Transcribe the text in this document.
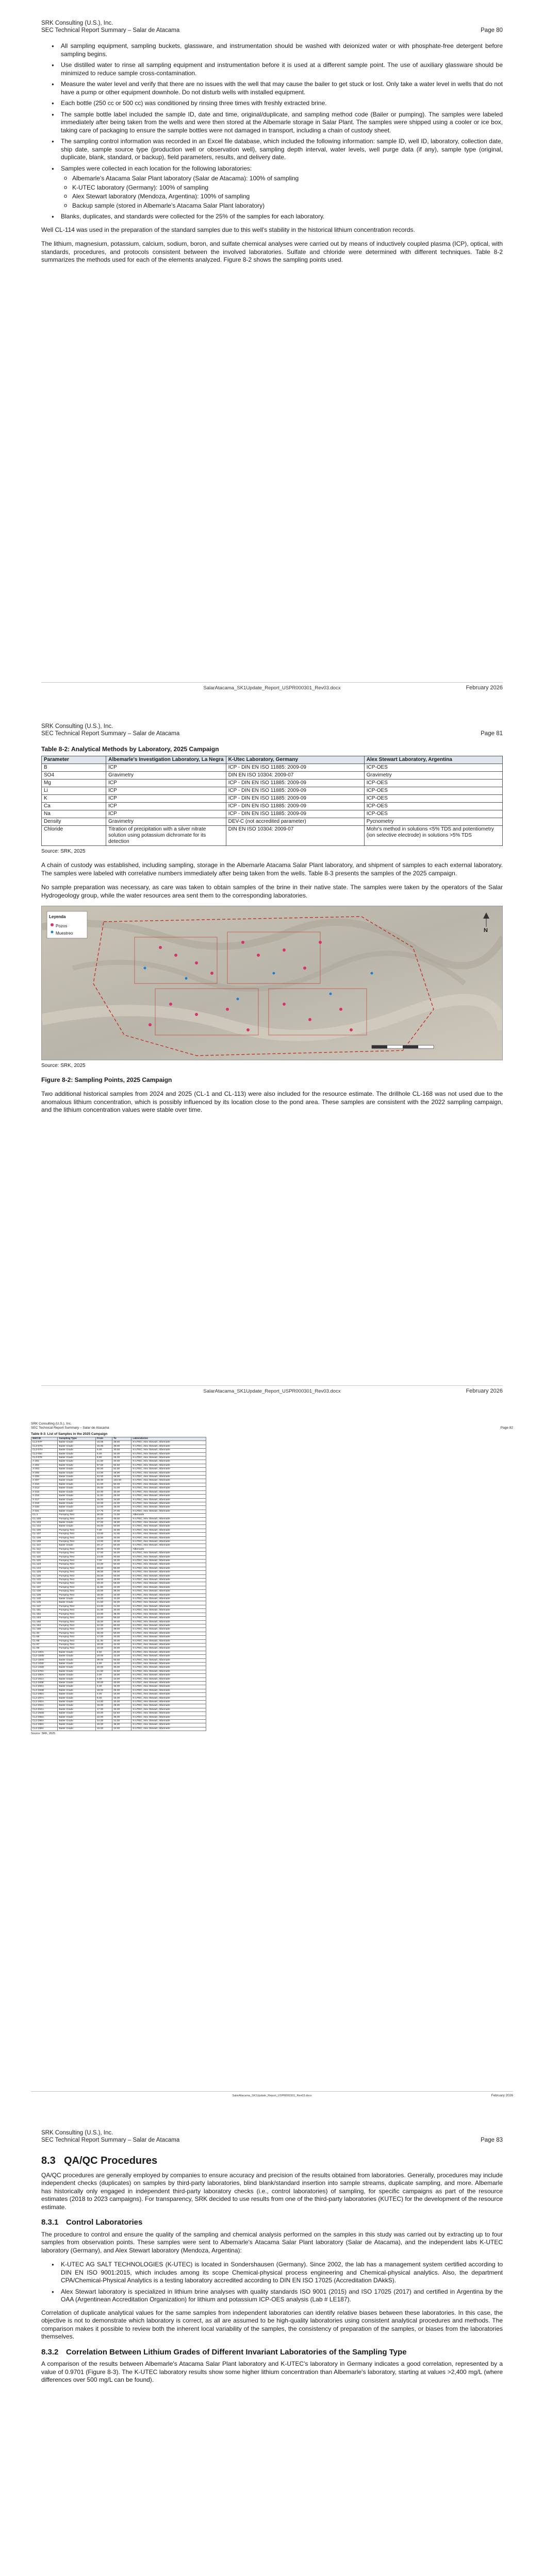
SRK Consulting (U.S.), Inc.
SEC Technical Report Summary – Salar de Atacama	Page 80
● All sampling equipment, sampling buckets, glassware, and instrumentation should be washed with deionized water or with phosphate-free detergent before sampling begins.
● Use distilled water to rinse all sampling equipment and instrumentation before it is used at a different sample point. The use of auxiliary glassware should be minimized to reduce sample cross-contamination.
● Measure the water level and verify that there are no issues with the well that may cause the bailer to get stuck or lost. Only take a water level in wells that do not have a pump or other equipment downhole. Do not disturb wells with installed equipment.
● Each bottle (250 cc or 500 cc) was conditioned by rinsing three times with freshly extracted brine.
● The sample bottle label included the sample ID, date and time, original/duplicate, and sampling method code (Bailer or pumping). The samples were labeled immediately after being taken from the wells and were then stored at the Albemarle storage in Salar Plant. The samples were shipped using a cooler or ice box, taking care of packaging to ensure the sample bottles were not damaged in transport, including a chain of custody sheet.
● The sampling control information was recorded in an Excel file database, which included the following information: sample ID, well ID, laboratory, collection date, ship date, sample source type (production well or observation well), sampling depth interval, water levels, well purge data (if any), sample type (original, duplicate, blank, standard, or backup), field parameters, results, and delivery date.
● Samples were collected in each location for the following laboratories:
o Albemarle's Atacama Salar Plant laboratory (Salar de Atacama): 100% of sampling
o K-UTEC laboratory (Germany): 100% of sampling
o Alex Stewart laboratory (Mendoza, Argentina): 100% of sampling
o Backup sample (stored in Albemarle's Atacama Salar Plant laboratory)
● Blanks, duplicates, and standards were collected for the 25% of the samples for each laboratory.

Well CL-114 was used in the preparation of the standard samples due to this well's stability in the historical lithium concentration records.

The lithium, magnesium, potassium, calcium, sodium, boron, and sulfate chemical analyses were carried out by means of inductively coupled plasma (ICP), optical, with standards, procedures, and protocols consistent between the involved laboratories. Sulfate and chloride were determined with different techniques. Table 8-2 summarizes the methods used for each of the elements analyzed. Figure 8-2 shows the sampling points used.

SalarAtacama_SK1Update_Report_USPR000301_Rev03.docx	February 2026
SRK Consulting (U.S.), Inc.
SEC Technical Report Summary – Salar de Atacama	Page 81
Table 8-2: Analytical Methods by Laboratory, 2025 Campaign
Parameter	Albemarle's Investigation Laboratory, La Negra	K-Utec Laboratory, Germany	Alex Stewart Laboratory, Argentina
B	ICP	ICP - DIN EN ISO 11885: 2009-09	ICP-OES
SO4	Gravimetry	DIN EN ISO 10304: 2009-07	Gravimetry
Mg	ICP	ICP - DIN EN ISO 11885: 2009-09	ICP-OES
Li	ICP	ICP - DIN EN ISO 11885: 2009-09	ICP-OES
K	ICP	ICP - DIN EN ISO 11885: 2009-09	ICP-OES
Ca	ICP	ICP - DIN EN ISO 11885: 2009-09	ICP-OES
Na	ICP	ICP - DIN EN ISO 11885: 2009-09	ICP-OES
Density	Gravimetry	DEV-C (not accredited parameter)	Pycnometry
Chloride	Titration of precipitation with a silver nitrate solution using potassium dichromate for its detection	DIN EN ISO 10304: 2009-07	Mohr's method in solutions <5% TDS and potentiometry (ion selective electrode) in solutions >5% TDS
Source: SRK, 2025

A chain of custody was established, including sampling, storage in the Albemarle Atacama Salar Plant laboratory, and shipment of samples to each external laboratory. The samples were labeled with correlative numbers immediately after being taken from the wells. Table 8-3 presents the samples of the 2025 campaign.

No sample preparation was necessary, as care was taken to obtain samples of the brine in their native state. The samples were taken by the operators of the Salar Hydrogeology group, while the water resources area sent them to the corresponding laboratories.

Leyenda
Pozos
Muestreo	N
Source: SRK, 2025
Figure 8-2: Sampling Points, 2025 Campaign

Two additional historical samples from 2024 and 2025 (CL-1 and CL-113) were also included for the resource estimate. The drillhole CL-168 was not used due to the anomalous lithium concentration, which is possibly influenced by its location close to the pond area. These samples are consistent with the 2022 sampling campaign, and the lithium concentration values were stable over time.

SalarAtacama_SK1Update_Report_USPR000301_Rev03.docx	February 2026
SRK Consulting (U.S.), Inc.
SEC Technical Report Summary – Salar de Atacama	Page 82
Table 8-3: List of Samples in the 2025 Campaign
Well ID	Sampling Type	From	To	Laboratories
CL3-07F	Bailer Grade	15.05	36.00	K-UTEC, Alex Stewart, Albemarle
CL3-07G	Bailer Grade	15.65	36.00	K-UTEC, Alex Stewart, Albemarle
CL3-07H	Bailer Grade	5.00	30.00	K-UTEC, Alex Stewart, Albemarle
CL3-05C	Bailer Grade	5.00	34.00	K-UTEC, Alex Stewart, Albemarle
CL3-07E	Bailer Grade	5.80	28.00	K-UTEC, Alex Stewart, Albemarle
A-301	Bailer Grade	21.50	40.00	K-UTEC, Alex Stewart, Albemarle
A-302	Bailer Grade	57.50	62.50	K-UTEC, Alex Stewart, Albemarle
A-303	Bailer Grade	50.00	52.00	K-UTEC, Alex Stewart, Albemarle
A-305	Bailer Grade	44.00	48.00	K-UTEC, Alex Stewart, Albemarle
A-306	Bailer Grade	42.00	46.00	K-UTEC, Alex Stewart, Albemarle
A-307	Bailer Grade	36.00	104.00	K-UTEC, Alex Stewart, Albemarle
A-310	Bailer Grade	41.00	50.00	K-UTEC, Alex Stewart, Albemarle
A-313	Bailer Grade	26.00	41.00	K-UTEC, Alex Stewart, Albemarle
A-315	Bailer Grade	22.00	33.00	K-UTEC, Alex Stewart, Albemarle
A-316	Bailer Grade	11.00	25.00	K-UTEC, Alex Stewart, Albemarle
A-317	Bailer Grade	15.00	34.00	K-UTEC, Alex Stewart, Albemarle
A-318	Bailer Grade	22.00	42.00	K-UTEC, Alex Stewart, Albemarle
A-320	Bailer Grade	12.00	45.00	K-UTEC, Alex Stewart, Albemarle
A-321	Bailer Grade	17.75	27.00	K-UTEC, Alex Stewart, Albemarle
CL-1	Pumping Test	30.00	71.00	Albemarle
CL-100	Pumping Test	25.00	45.00	K-UTEC, Alex Stewart, Albemarle
CL-103	Bailer Grade	37.00	48.00	K-UTEC, Alex Stewart, Albemarle
CL-104	Bailer Grade	26.00	50.00	K-UTEC, Alex Stewart, Albemarle
CL-106	Pumping Test	7.00	32.00	K-UTEC, Alex Stewart, Albemarle
CL-107	Pumping Test	13.00	41.00	K-UTEC, Alex Stewart, Albemarle
CL-108	Pumping Test	12.00	40.00	K-UTEC, Alex Stewart, Albemarle
CL-109	Pumping Test	13.00	40.00	K-UTEC, Alex Stewart, Albemarle
CL-110	Bailer Grade	20.17	50.00	K-UTEC, Alex Stewart, Albemarle
CL-113	Pumping Test	30.00	72.00	Albemarle
CL-114	Pumping Test	17.00	34.00	K-UTEC, Alex Stewart, Albemarle
CL-118	Pumping Test	24.00	40.00	K-UTEC, Alex Stewart, Albemarle
CL-120	Pumping Test	7.00	32.00	K-UTEC, Alex Stewart, Albemarle
CL-123	Pumping Test	34.00	50.00	K-UTEC, Alex Stewart, Albemarle
CL-124	Pumping Test	48.00	65.00	K-UTEC, Alex Stewart, Albemarle
CL-128	Pumping Test	38.00	59.00	K-UTEC, Alex Stewart, Albemarle
CL-130	Pumping Test	26.00	50.00	K-UTEC, Alex Stewart, Albemarle
CL-132	Pumping Test	18.00	40.00	K-UTEC, Alex Stewart, Albemarle
CL-133	Pumping Test	29.40	58.00	K-UTEC, Alex Stewart, Albemarle
CL-137	Pumping Test	11.68	44.00	K-UTEC, Alex Stewart, Albemarle
CL-138	Pumping Test	15.00	36.00	K-UTEC, Alex Stewart, Albemarle
CL-139	Pumping Test	18.00	44.00	K-UTEC, Alex Stewart, Albemarle
CL-140	Bailer Grade	19.00	42.00	K-UTEC, Alex Stewart, Albemarle
CL-145	Bailer Grade	21.50	32.00	K-UTEC, Alex Stewart, Albemarle
CL-147	Pumping Test	24.00	41.00	K-UTEC, Alex Stewart, Albemarle
CL-151	Pumping Test	31.00	40.00	K-UTEC, Alex Stewart, Albemarle
CL-152	Pumping Test	23.00	38.00	K-UTEC, Alex Stewart, Albemarle
CL-153	Pumping Test	22.00	56.00	K-UTEC, Alex Stewart, Albemarle
CL-160	Pumping Test	15.00	30.00	K-UTEC, Alex Stewart, Albemarle
CL-164	Pumping Test	42.00	80.00	K-UTEC, Alex Stewart, Albemarle
CL-168	Pumping Test	12.00	39.00	K-UTEC, Alex Stewart, Albemarle
CL-40	Pumping Test	35.00	50.00	K-UTEC, Alex Stewart, Albemarle
CL-59	Pumping Test	17.00	40.00	K-UTEC, Alex Stewart, Albemarle
CL-88	Pumping Test	11.30	40.00	K-UTEC, Alex Stewart, Albemarle
CL-97	Pumping Test	18.00	42.00	K-UTEC, Alex Stewart, Albemarle
CL-98	Pumping Test	10.00	40.00	K-UTEC, Alex Stewart, Albemarle
CL2-100A	Bailer Grade	4.50	20.00	K-UTEC, Alex Stewart, Albemarle
CL2-100D	Bailer Grade	29.00	43.00	K-UTEC, Alex Stewart, Albemarle
CL2-100G	Bailer Grade	39.00	50.00	K-UTEC, Alex Stewart, Albemarle
CL2-102E	Bailer Grade	4.80	15.00	K-UTEC, Alex Stewart, Albemarle
CL2-102D	Bailer Grade	20.00	35.00	K-UTEC, Alex Stewart, Albemarle
CL2-278A	Bailer Grade	21.50	31.50	K-UTEC, Alex Stewart, Albemarle
CL2-280A	Bailer Grade	3.00	15.00	K-UTEC, Alex Stewart, Albemarle
CL2-281A	Bailer Grade	4.00	13.00	K-UTEC, Alex Stewart, Albemarle
CL2-283E	Bailer Grade	30.00	40.00	K-UTEC, Alex Stewart, Albemarle
CL2-284A	Bailer Grade	4.00	15.00	K-UTEC, Alex Stewart, Albemarle
CL2-284B	Bailer Grade	18.00	25.00	K-UTEC, Alex Stewart, Albemarle
CL2-285A	Bailer Grade	4.00	15.00	K-UTEC, Alex Stewart, Albemarle
CL2-287A	Bailer Grade	5.00	15.00	K-UTEC, Alex Stewart, Albemarle
CL2-292A	Bailer Grade	14.50	32.00	K-UTEC, Alex Stewart, Albemarle
CL2-293A	Bailer Grade	16.00	28.00	K-UTEC, Alex Stewart, Albemarle
CL2-294A	Bailer Grade	17.00	33.00	K-UTEC, Alex Stewart, Albemarle
CL2-294D	Bailer Grade	40.00	52.50	K-UTEC, Alex Stewart, Albemarle
CL2-295A	Bailer Grade	22.00	36.00	K-UTEC, Alex Stewart, Albemarle
CL2-296A	Bailer Grade	14.00	21.00	K-UTEC, Alex Stewart, Albemarle
CL2-298A	Bailer Grade	26.00	38.00	K-UTEC, Alex Stewart, Albemarle
CL2-299A	Bailer Grade	16.00	24.00	K-UTEC, Alex Stewart, Albemarle
Source: SRK, 2025
SalarAtacama_SK1Update_Report_USPR000301_Rev03.docx	February 2026
SRK Consulting (U.S.), Inc.
SEC Technical Report Summary – Salar de Atacama	Page 83
8.3 QA/QC Procedures

QA/QC procedures are generally employed by companies to ensure accuracy and precision of the results obtained from laboratories. Generally, procedures may include independent checks (duplicates) on samples by third-party laboratories, blind blank/standard insertion into sample streams, duplicate sampling, and more. Albemarle has historically only engaged in independent third-party laboratory checks (i.e., control laboratories) of sampling, for specific campaigns as part of the resource estimates (2018 to 2023 campaigns). For transparency, SRK decided to use results from one of the third-party laboratories (KUTEC) for the development of the resource estimate.

8.3.1 Control Laboratories

The procedure to control and ensure the quality of the sampling and chemical analysis performed on the samples in this study was carried out by extracting up to four samples from observation points. These samples were sent to Albemarle's Atacama Salar Plant laboratory (Salar de Atacama), and the independent labs K-UTEC laboratory (Germany), and Alex Stewart laboratory (Mendoza, Argentina):

● K-UTEC AG SALT TECHNOLOGIES (K-UTEC) is located in Sondershausen (Germany). Since 2002, the lab has a management system certified according to DIN EN ISO 9001:2015, which includes among its scope Chemical-physical process engineering and Chemical-physical analytics. Also, the department CPA/Chemical-Physical Analytics is a testing laboratory accredited according to DIN EN ISO 17025 (Accreditation DAkkS).
● Alex Stewart laboratory is specialized in lithium brine analyses with quality standards ISO 9001 (2015) and ISO 17025 (2017) and certified in Argentina by the OAA (Argentinean Accreditation Organization) for lithium and potassium ICP-OES analysis (Lab # LE187).

Correlation of duplicate analytical values for the same samples from independent laboratories can identify relative biases between these laboratories. In this case, the objective is not to demonstrate which laboratory is correct, as all are assumed to be high-quality laboratories using consistent analytical procedures and methods. The comparison makes it possible to review both the inherent local variability of the samples, the consistency of preparation of the samples, or biases from the laboratories themselves.

8.3.2 Correlation Between Lithium Grades of Different Invariant Laboratories of the Sampling Type

A comparison of the results between Albemarle's Atacama Salar Plant laboratory and K-UTEC's laboratory in Germany indicates a good correlation, represented by a value of 0.9701 (Figure 8-3). The K-UTEC laboratory results show some higher lithium concentration than Albemarle's laboratory, starting at values >2,400 mg/L (where differences over 500 mg/L can be found).
